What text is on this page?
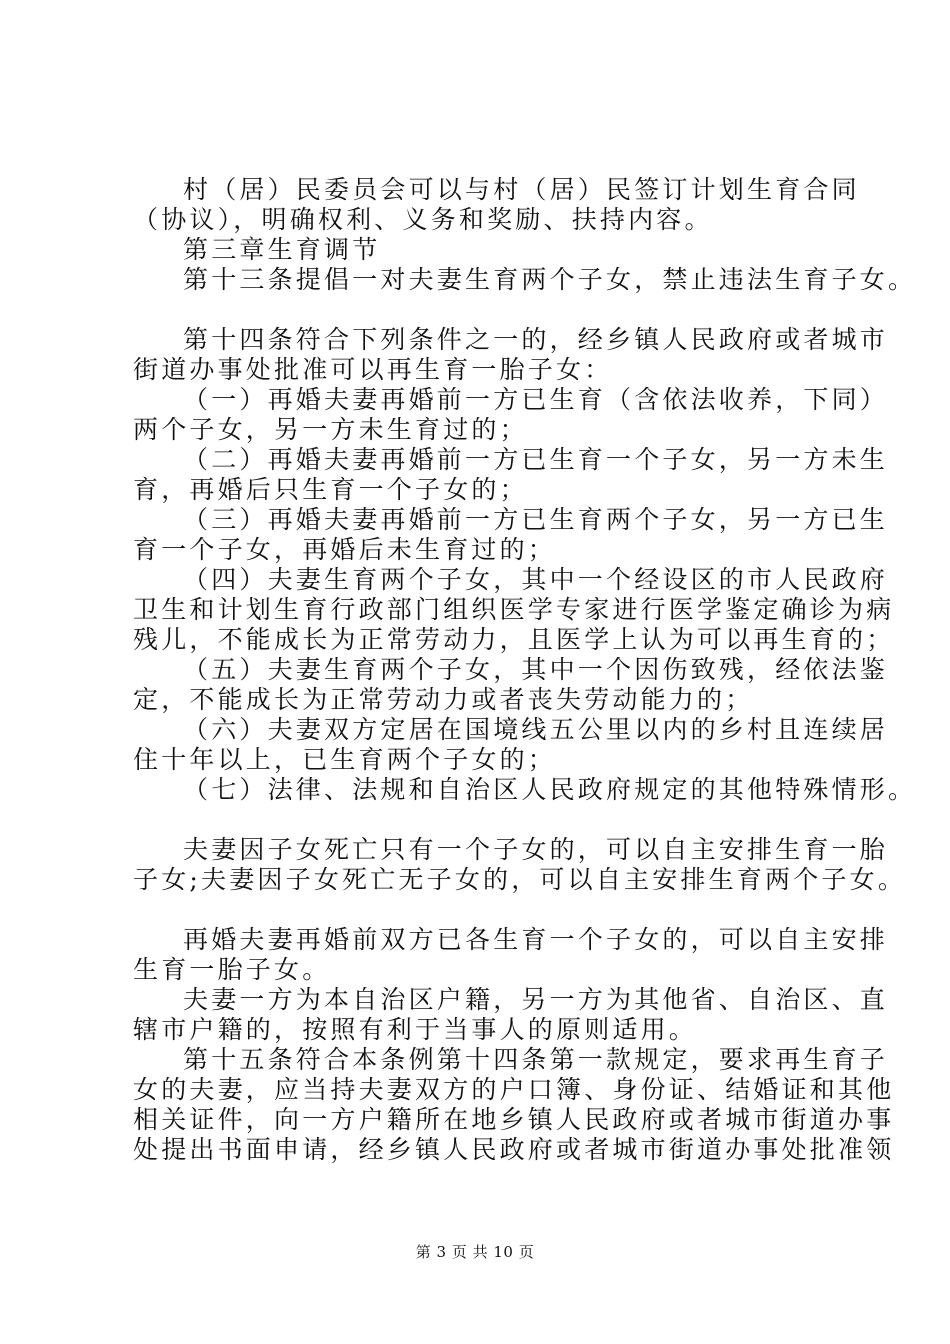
村（居）民委员会可以与村（居）民签订计划生育合同
（协议），明确权利、义务和奖励、扶持内容。
第三章生育调节
第十三条提倡一对夫妻生育两个子女，禁止违法生育子女。
第十四条符合下列条件之一的，经乡镇人民政府或者城市
街道办事处批准可以再生育一胎子女：
（一）再婚夫妻再婚前一方已生育（含依法收养，下同）
两个子女，另一方未生育过的；
（二）再婚夫妻再婚前一方已生育一个子女，另一方未生
育，再婚后只生育一个子女的；
（三）再婚夫妻再婚前一方已生育两个子女，另一方已生
育一个子女，再婚后未生育过的；
（四）夫妻生育两个子女，其中一个经设区的市人民政府
卫生和计划生育行政部门组织医学专家进行医学鉴定确诊为病
残儿，不能成长为正常劳动力，且医学上认为可以再生育的；
（五）夫妻生育两个子女，其中一个因伤致残，经依法鉴
定，不能成长为正常劳动力或者丧失劳动能力的；
（六）夫妻双方定居在国境线五公里以内的乡村且连续居
住十年以上，已生育两个子女的；
（七）法律、法规和自治区人民政府规定的其他特殊情形。
夫妻因子女死亡只有一个子女的，可以自主安排生育一胎
子女;夫妻因子女死亡无子女的，可以自主安排生育两个子女。
再婚夫妻再婚前双方已各生育一个子女的，可以自主安排
生育一胎子女。
夫妻一方为本自治区户籍，另一方为其他省、自治区、直
辖市户籍的，按照有利于当事人的原则适用。
第十五条符合本条例第十四条第一款规定，要求再生育子
女的夫妻，应当持夫妻双方的户口簿、身份证、结婚证和其他
相关证件，向一方户籍所在地乡镇人民政府或者城市街道办事
处提出书面申请，经乡镇人民政府或者城市街道办事处批准领
第 3 页 共 10 页
